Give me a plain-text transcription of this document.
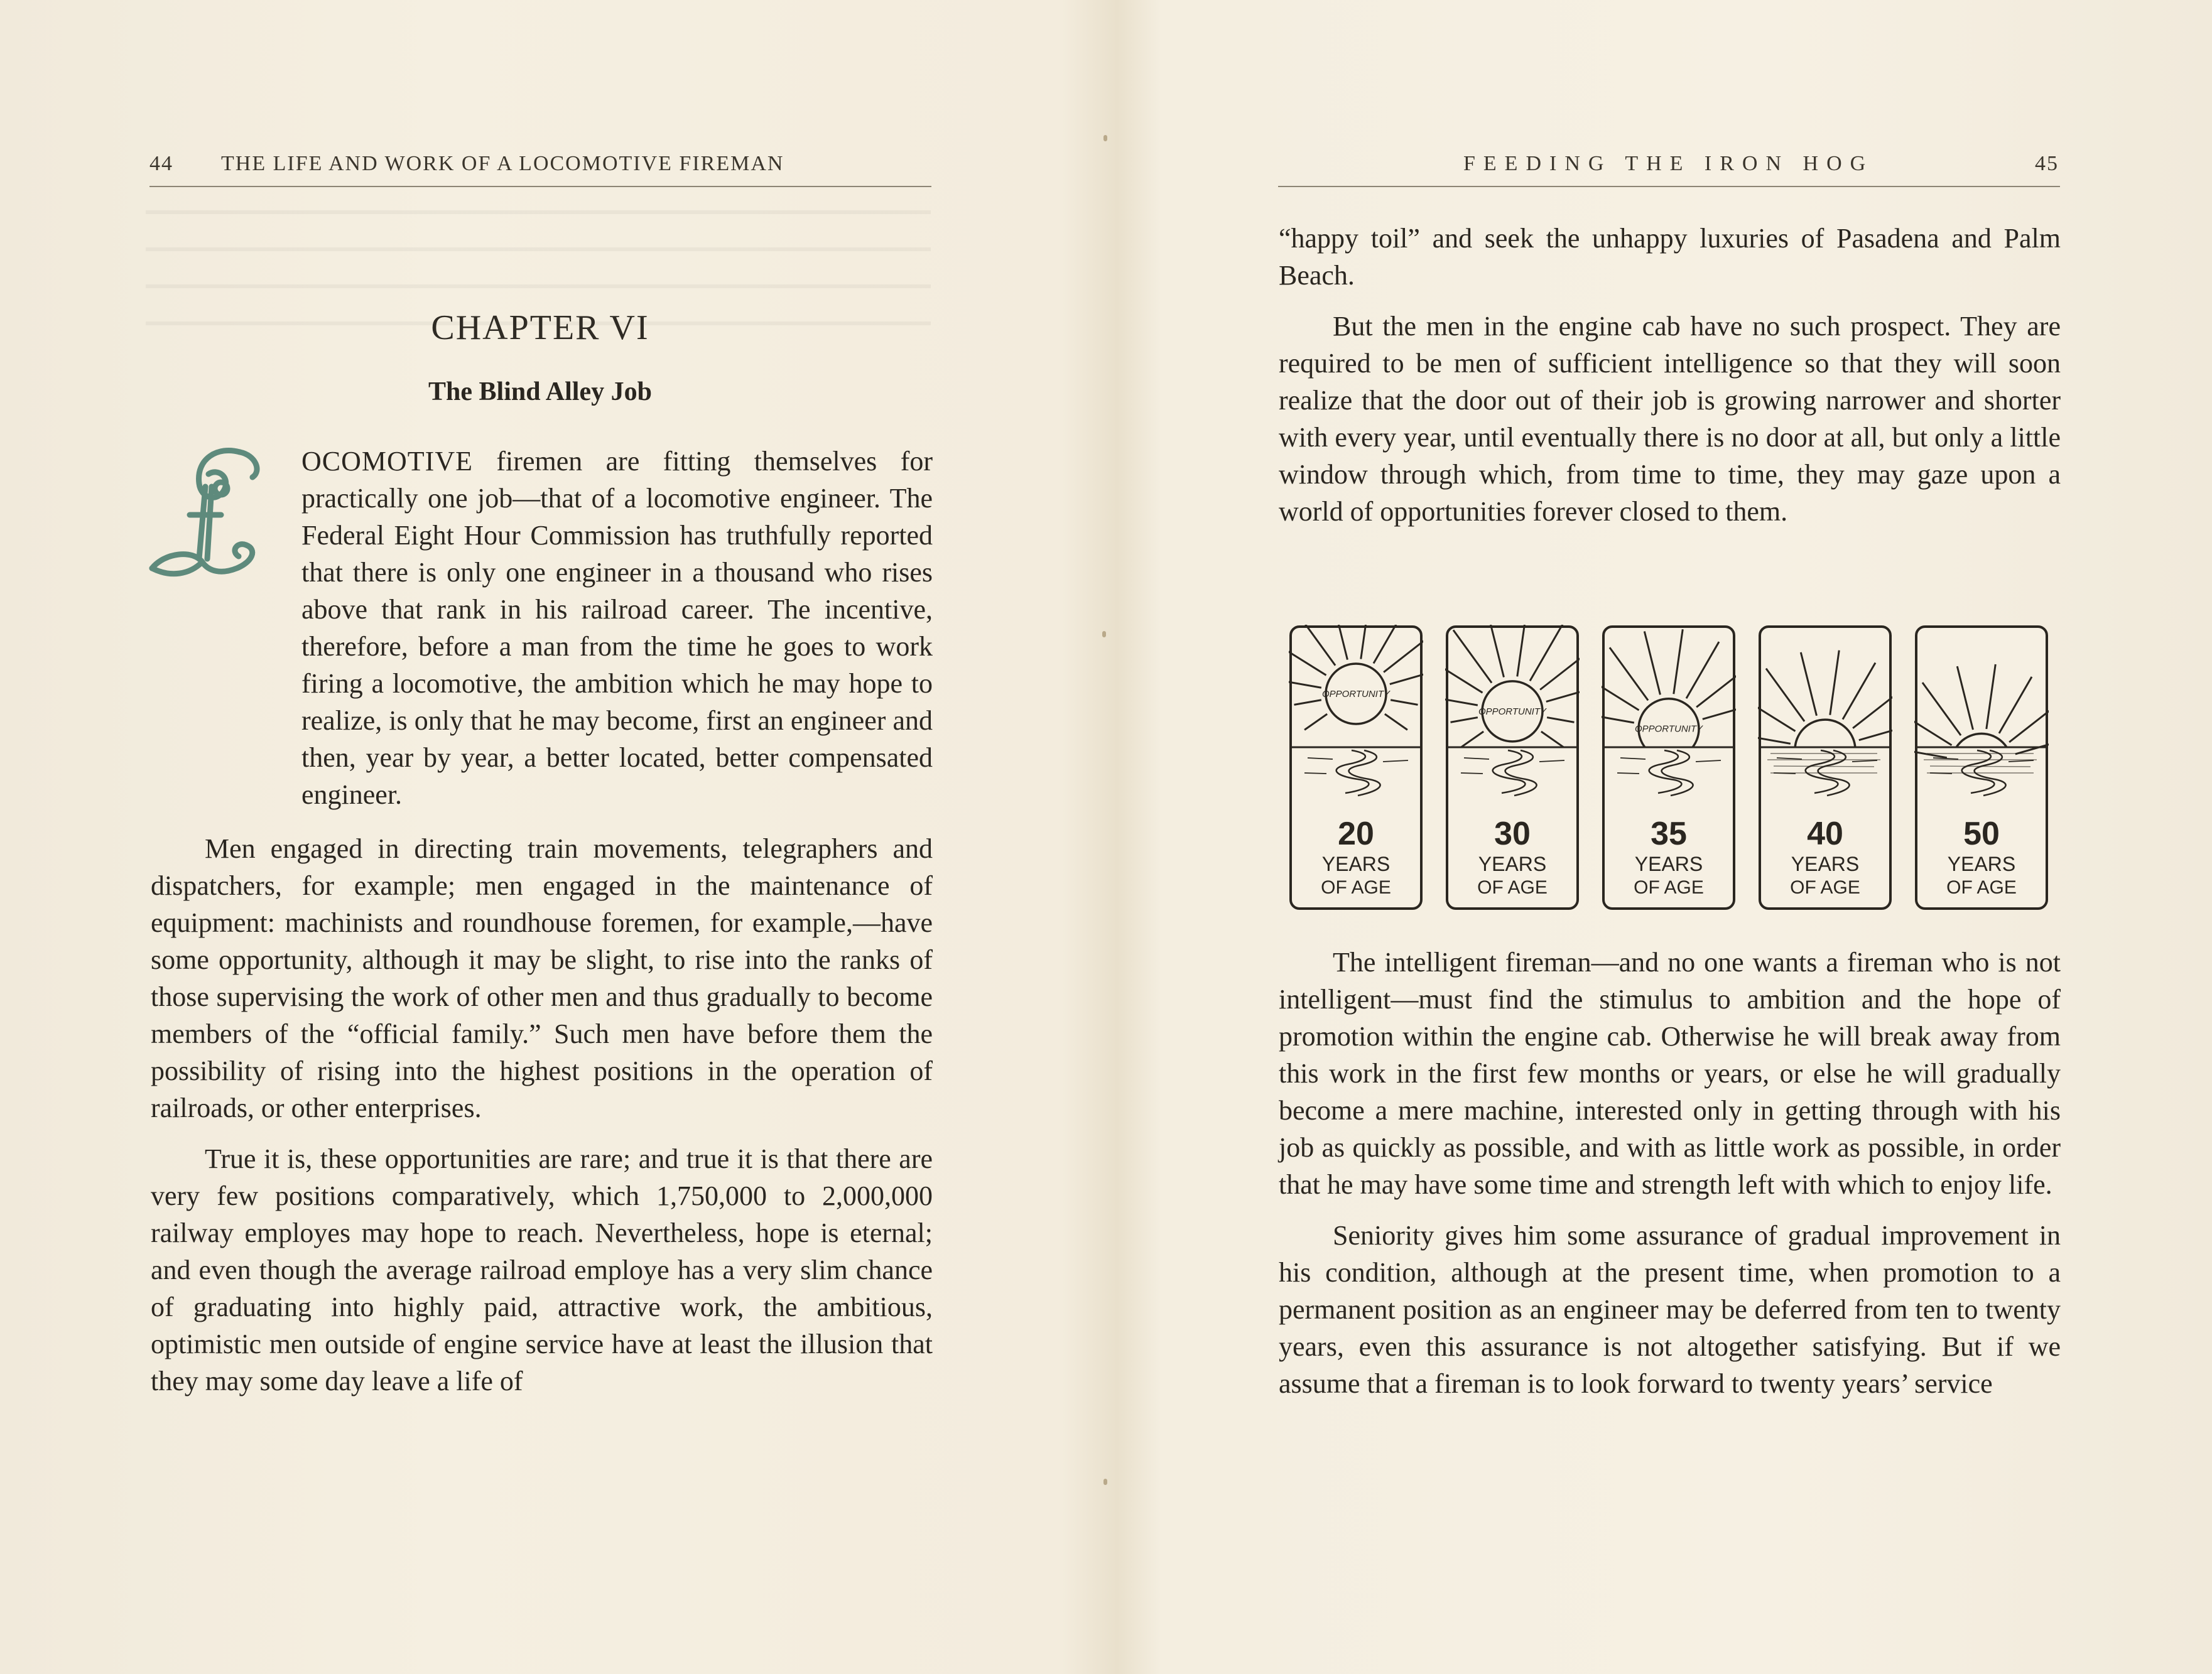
44 THE LIFE AND WORK OF A LOCOMOTIVE FIREMAN
CHAPTER VI
The Blind Alley Job
OCOMOTIVE firemen are fitting themselves for practically one job—that of a locomotive engineer. The Federal Eight Hour Commission has truthfully reported that there is only one engineer in a thousand who rises above that rank in his railroad career. The incentive, therefore, before a man from the time he goes to work firing a locomotive, the ambition which he may hope to realize, is only that he may become, first an engineer and then, year by year, a better located, better compensated engineer.

Men engaged in directing train movements, telegraphers and dispatchers, for example; men engaged in the maintenance of equipment: machinists and roundhouse foremen, for example,—have some opportunity, although it may be slight, to rise into the ranks of those supervising the work of other men and thus gradually to become members of the “official family.” Such men have before them the possibility of rising into the highest positions in the operation of railroads, or other enterprises.

True it is, these opportunities are rare; and true it is that there are very few positions comparatively, which 1,750,000 to 2,000,000 railway employes may hope to reach. Nevertheless, hope is eternal; and even though the average railroad employe has a very slim chance of graduating into highly paid, attractive work, the ambitious, optimistic men outside of engine service have at least the illusion that they may some day leave a life of

FEEDING THE IRON HOG	45

“happy toil” and seek the unhappy luxuries of Pasadena and Palm Beach.

But the men in the engine cab have no such prospect. They are required to be men of sufficient intelligence so that they will soon realize that the door out of their job is growing narrower and shorter with every year, until eventually there is no door at all, but only a little window through which, from time to time, they may gaze upon a world of opportunities forever closed to them.

The intelligent fireman—and no one wants a fireman who is not intelligent—must find the stimulus to ambition and the hope of promotion within the engine cab. Otherwise he will break away from this work in the first few months or years, or else he will gradually become a mere machine, interested only in getting through with his job as quickly as possible, and with as little work as possible, in order that he may have some time and strength left with which to enjoy life.

Seniority gives him some assurance of gradual improvement in his condition, although at the present time, when promotion to a permanent position as an engineer may be deferred from ten to twenty years, even this assurance is not altogether satisfying. But if we assume that a fireman is to look forward to twenty years’ service

OPPORTUNITY
20
YEARS
OF AGE
OPPORTUNITY
30
YEARS
OF AGE
OPPORTUNITY
35
YEARS
OF AGE
40
YEARS
OF AGE
50
YEARS
OF AGE
